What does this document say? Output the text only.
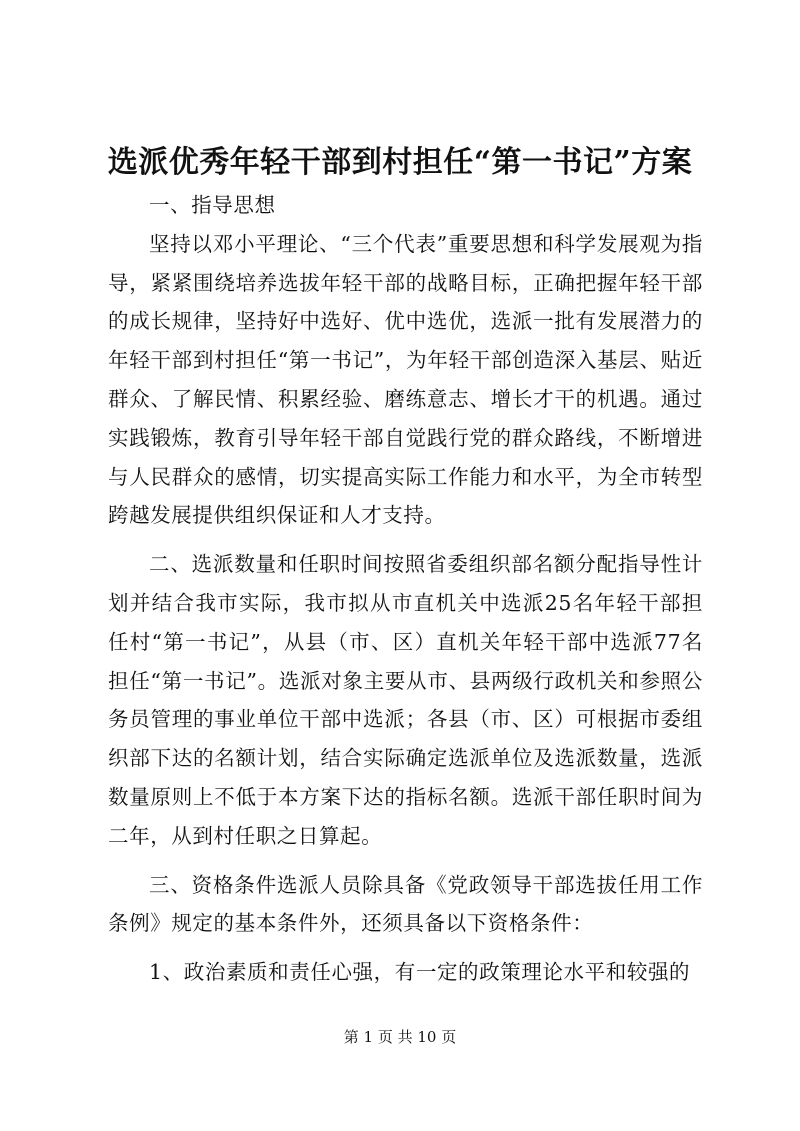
选派优秀年轻干部到村担任“第一书记”方案

一、指导思想

坚持以邓小平理论、“三个代表”重要思想和科学发展观为指导，紧紧围绕培养选拔年轻干部的战略目标，正确把握年轻干部的成长规律，坚持好中选好、优中选优，选派一批有发展潜力的年轻干部到村担任“第一书记”，为年轻干部创造深入基层、贴近群众、了解民情、积累经验、磨练意志、增长才干的机遇。通过实践锻炼，教育引导年轻干部自觉践行党的群众路线，不断增进与人民群众的感情，切实提高实际工作能力和水平，为全市转型跨越发展提供组织保证和人才支持。

二、选派数量和任职时间按照省委组织部名额分配指导性计划并结合我市实际，我市拟从市直机关中选派25名年轻干部担任村“第一书记”，从县（市、区）直机关年轻干部中选派77名担任“第一书记”。选派对象主要从市、县两级行政机关和参照公务员管理的事业单位干部中选派；各县（市、区）可根据市委组织部下达的名额计划，结合实际确定选派单位及选派数量，选派数量原则上不低于本方案下达的指标名额。选派干部任职时间为二年，从到村任职之日算起。

三、资格条件选派人员除具备《党政领导干部选拔任用工作条例》规定的基本条件外，还须具备以下资格条件：

1、政治素质和责任心强，有一定的政策理论水平和较强的

第 1 页 共 10 页
